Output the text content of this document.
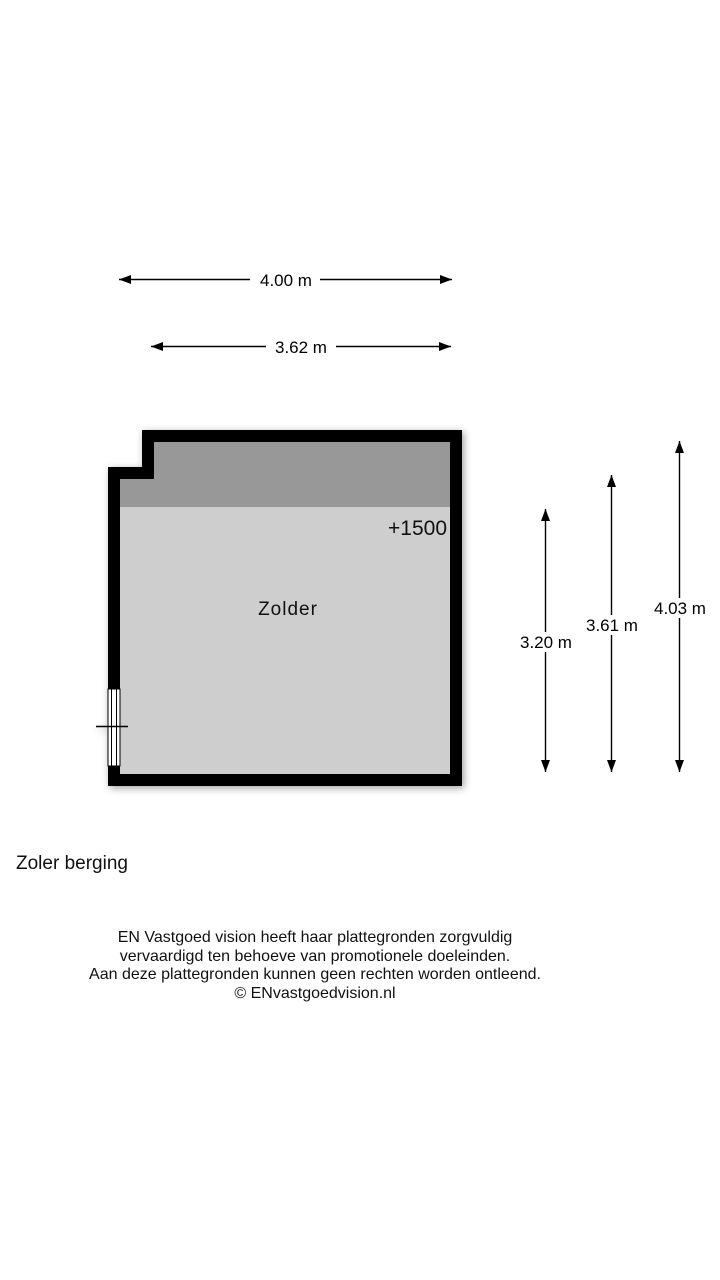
4.00 m
3.62 m
+1500
Zolder
3.20 m
3.61 m
4.03 m
Zoler berging
EN Vastgoed vision heeft haar plattegronden zorgvuldig
vervaardigd ten behoeve van promotionele doeleinden.
Aan deze plattegronden kunnen geen rechten worden ontleend.
© ENvastgoedvision.nl
